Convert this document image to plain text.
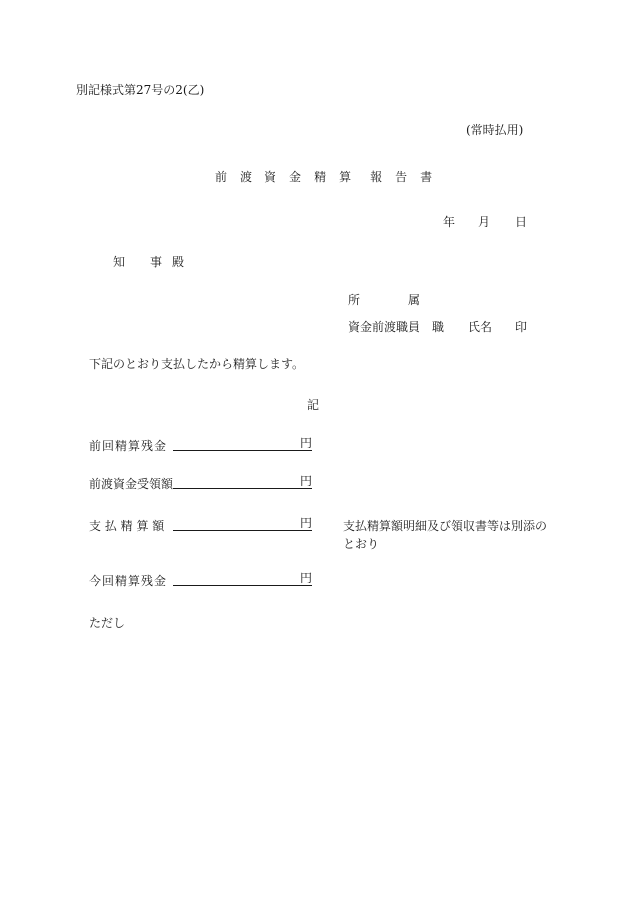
別記様式第27号の2(乙)
(常時払用)
前 渡 資 金 精 算 報 告 書
年 月 日
知 事 殿
所	属
資金前渡職員 職 氏名 印
下記のとおり支払したから精算します。
記
前回精算残金	円
前渡資金受領額	円
支 払 精 算 額	円	支払精算額明細及び領収書等は別添のとおり
今回精算残金	円
ただし
